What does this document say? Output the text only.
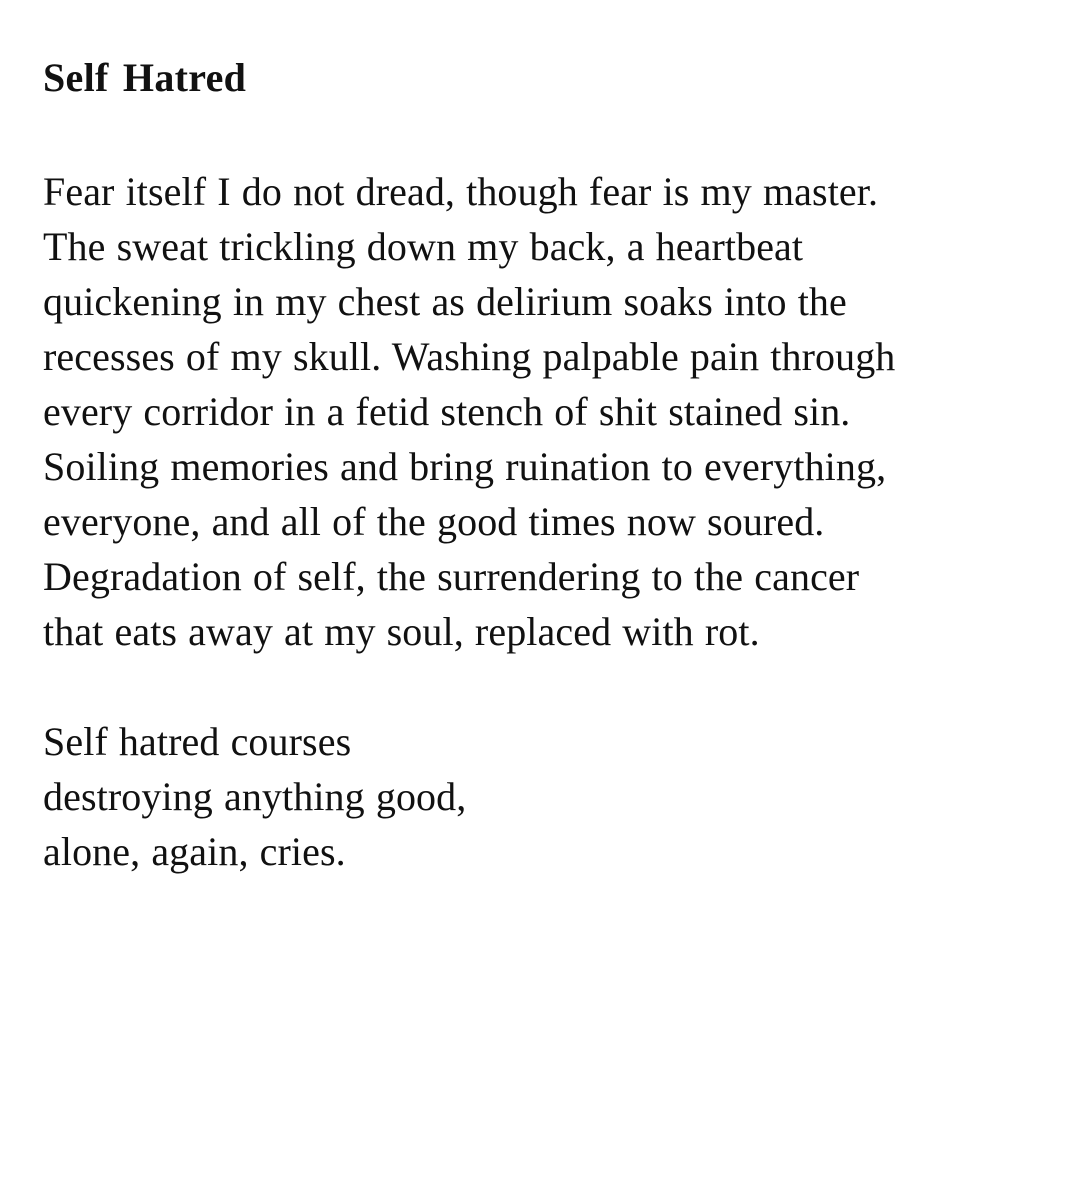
Self Hatred
Fear itself I do not dread, though fear is my master.
The sweat trickling down my back, a heartbeat
quickening in my chest as delirium soaks into the
recesses of my skull. Washing palpable pain through
every corridor in a fetid stench of shit stained sin.
Soiling memories and bring ruination to everything,
everyone, and all of the good times now soured.
Degradation of self, the surrendering to the cancer
that eats away at my soul, replaced with rot.
Self hatred courses
destroying anything good,
alone, again, cries.
